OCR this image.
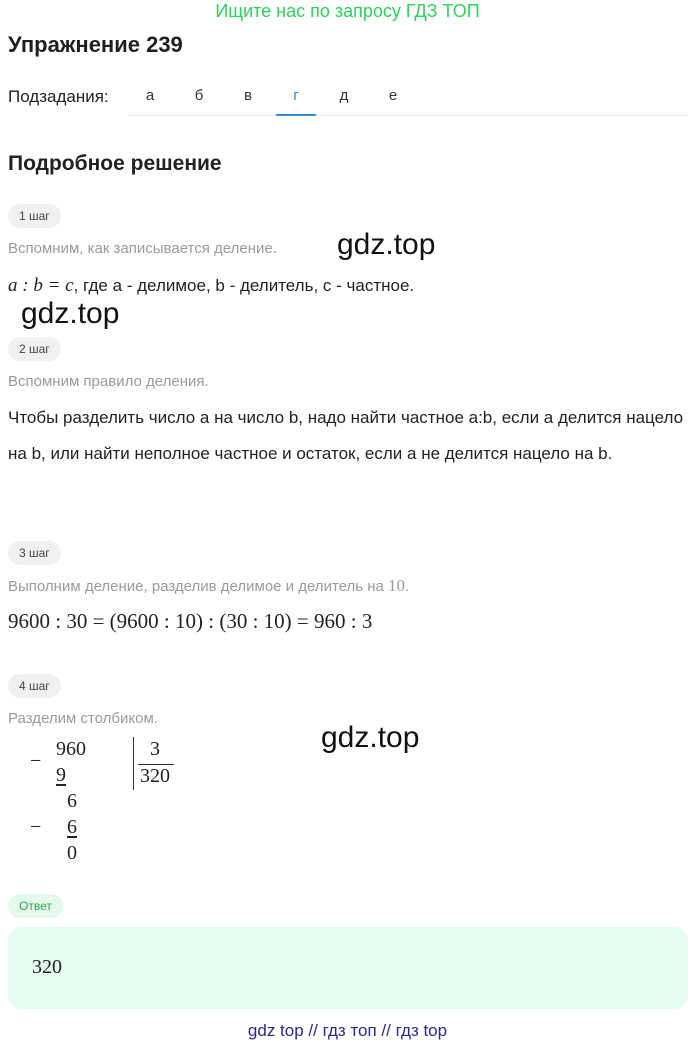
Ищите нас по запросу ГДЗ ТОП
Упражнение 239
Подзадания:	а	б	в	г	д	е
Подробное решение
1 шаг
Вспомним, как записывается деление.
a : b = c, где а - делимое, b - делитель, с - частное.
gdz.top
gdz.top
gdz.top
2 шаг
Вспомним правило деления.
Чтобы разделить число а на число b, надо найти частное a:b, если а делится нацело на b, или найти неполное частное и остаток, если а не делится нацело на b.
3 шаг
Выполним деление, разделив делимое и делитель на 10.
9600 : 30 = (9600 : 10) : (30 : 10) = 960 : 3
4 шаг
Разделим столбиком.
−
960
9
3
320
6
− 6
0
Ответ
320
gdz top // гдз топ // гдз top
